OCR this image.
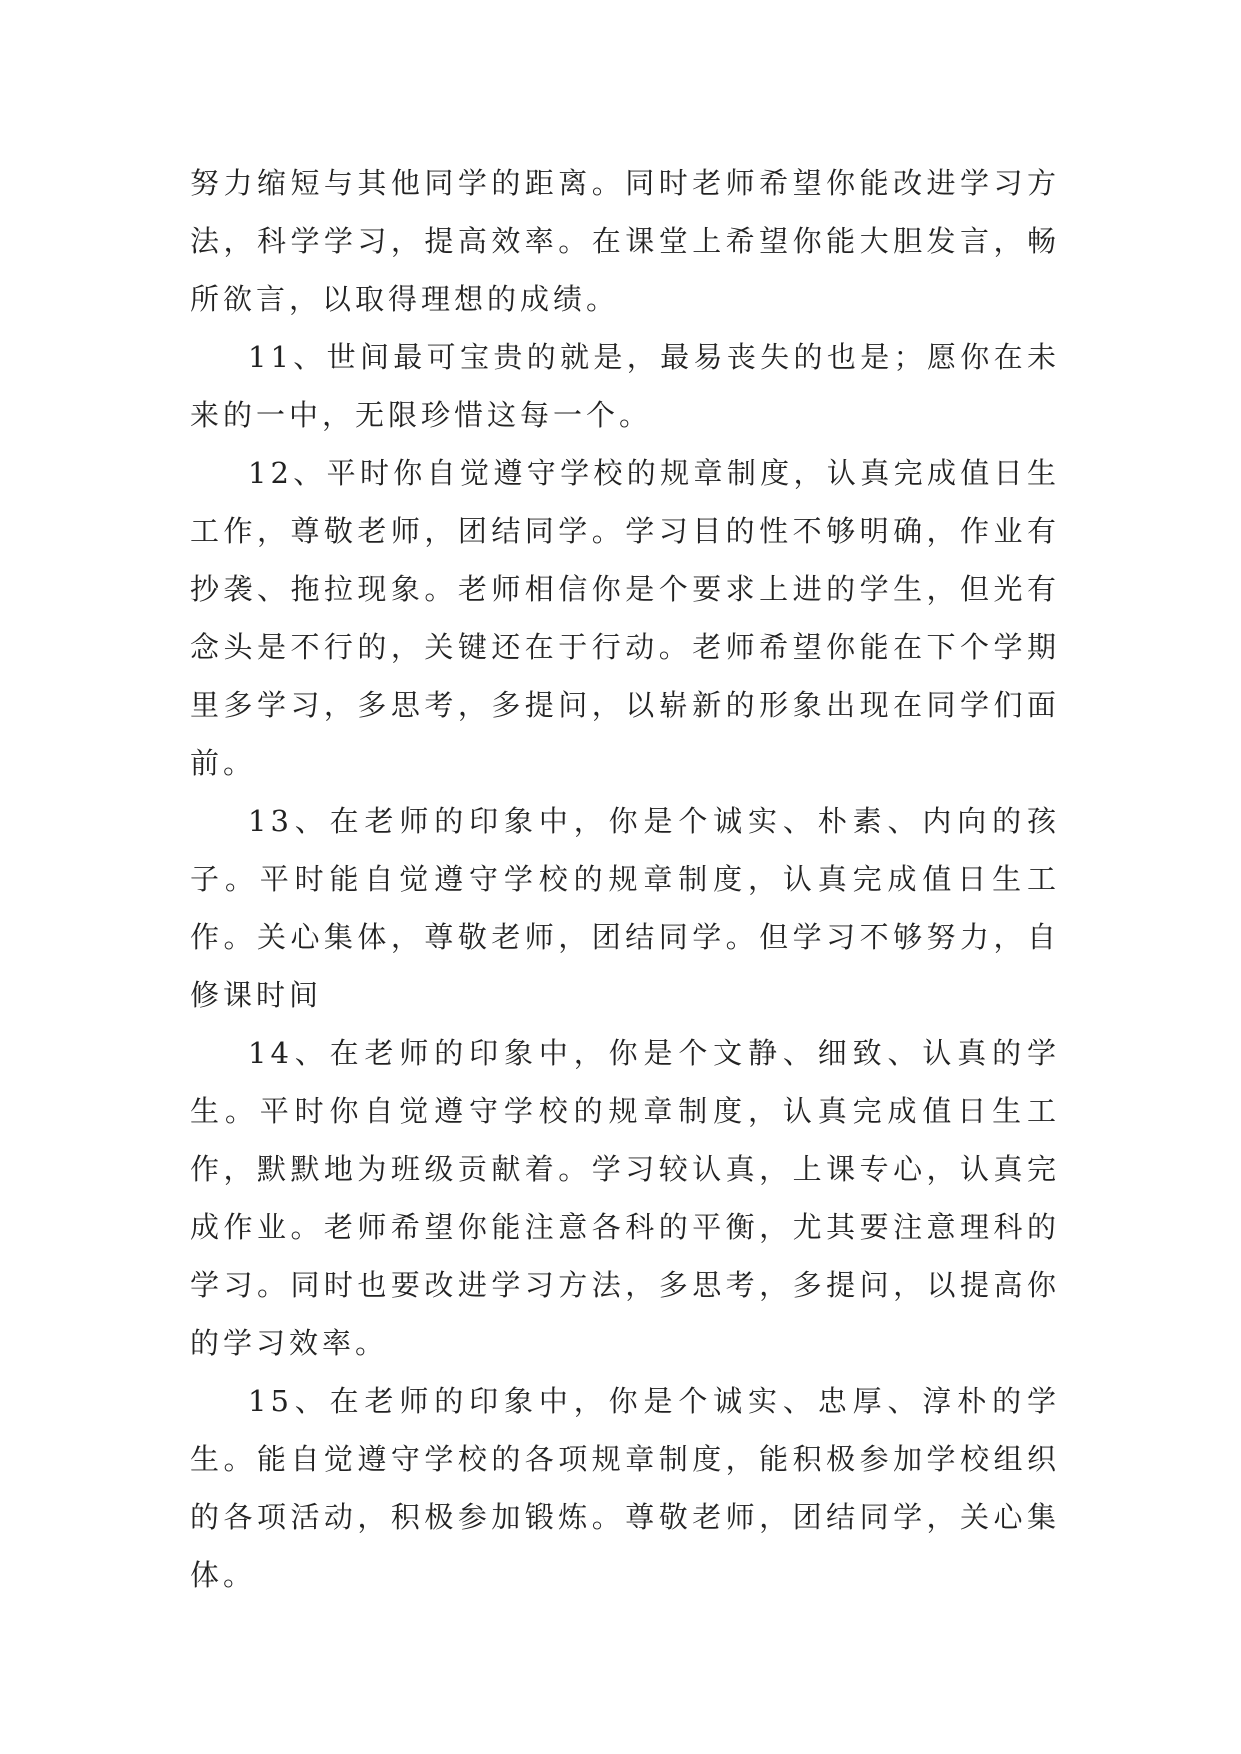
努力缩短与其他同学的距离。同时老师希望你能改进学习方法，科学学习，提高效率。在课堂上希望你能大胆发言，畅所欲言，以取得理想的成绩。

11、世间最可宝贵的就是，最易丧失的也是；愿你在未来的一中，无限珍惜这每一个。

12、平时你自觉遵守学校的规章制度，认真完成值日生工作，尊敬老师，团结同学。学习目的性不够明确，作业有抄袭、拖拉现象。老师相信你是个要求上进的学生，但光有念头是不行的，关键还在于行动。老师希望你能在下个学期里多学习，多思考，多提问，以崭新的形象出现在同学们面前。

13、在老师的印象中，你是个诚实、朴素、内向的孩子。平时能自觉遵守学校的规章制度，认真完成值日生工作。关心集体，尊敬老师，团结同学。但学习不够努力，自修课时间

14、在老师的印象中，你是个文静、细致、认真的学生。平时你自觉遵守学校的规章制度，认真完成值日生工作，默默地为班级贡献着。学习较认真，上课专心，认真完成作业。老师希望你能注意各科的平衡，尤其要注意理科的学习。同时也要改进学习方法，多思考，多提问，以提高你的学习效率。

15、在老师的印象中，你是个诚实、忠厚、淳朴的学生。能自觉遵守学校的各项规章制度，能积极参加学校组织的各项活动，积极参加锻炼。尊敬老师，团结同学，关心集体。
